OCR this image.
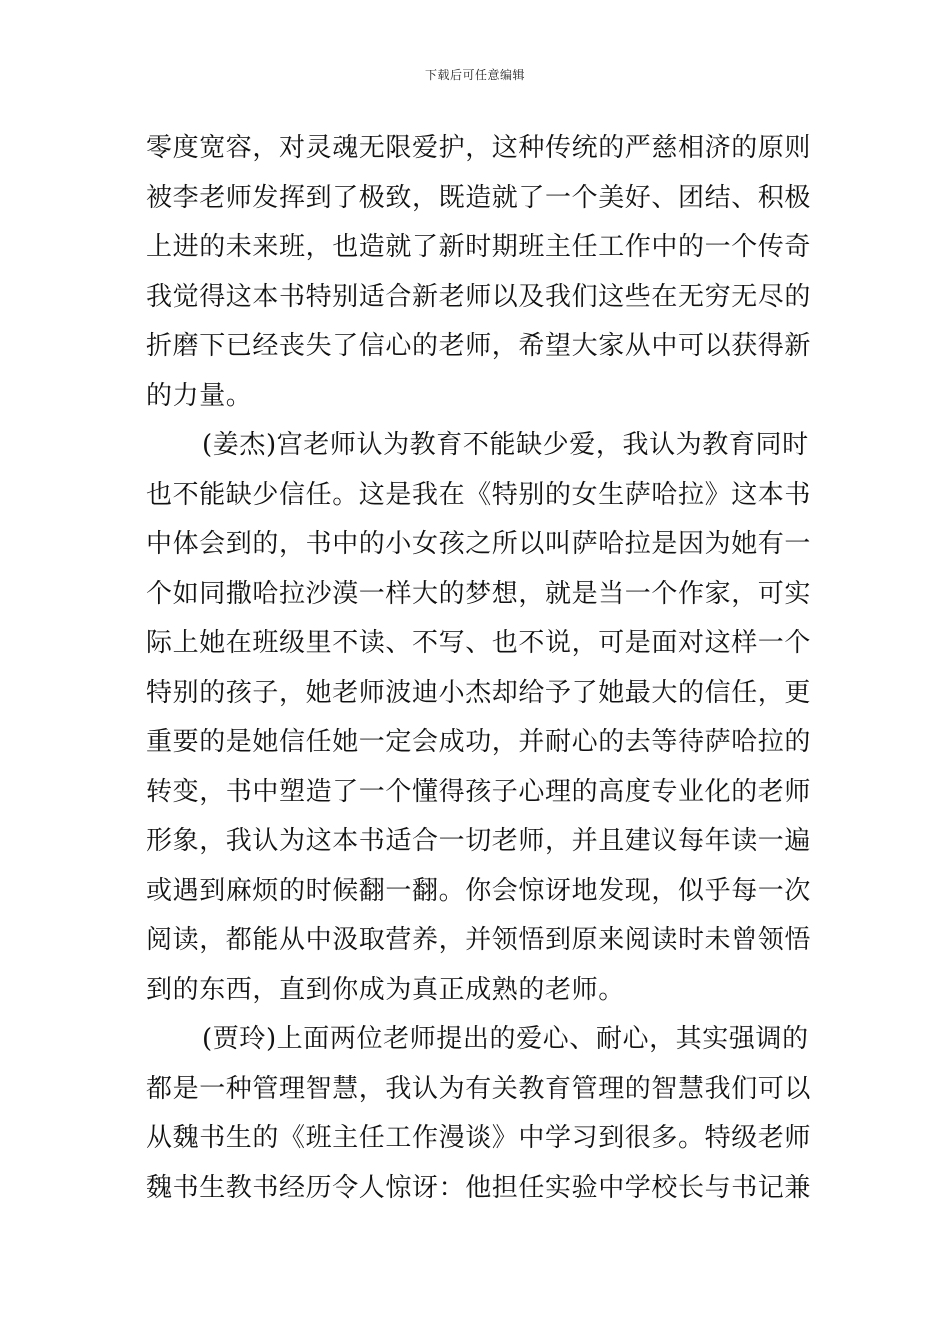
下载后可任意编辑
零度宽容，对灵魂无限爱护，这种传统的严慈相济的原则
被李老师发挥到了极致，既造就了一个美好、团结、积极
上进的未来班，也造就了新时期班主任工作中的一个传奇
我觉得这本书特别适合新老师以及我们这些在无穷无尽的
折磨下已经丧失了信心的老师，希望大家从中可以获得新
的力量。
(姜杰)宫老师认为教育不能缺少爱，我认为教育同时
也不能缺少信任。这是我在《特别的女生萨哈拉》这本书
中体会到的，书中的小女孩之所以叫萨哈拉是因为她有一
个如同撒哈拉沙漠一样大的梦想，就是当一个作家，可实
际上她在班级里不读、不写、也不说，可是面对这样一个
特别的孩子，她老师波迪小杰却给予了她最大的信任，更
重要的是她信任她一定会成功，并耐心的去等待萨哈拉的
转变，书中塑造了一个懂得孩子心理的高度专业化的老师
形象，我认为这本书适合一切老师，并且建议每年读一遍
或遇到麻烦的时候翻一翻。你会惊讶地发现，似乎每一次
阅读，都能从中汲取营养，并领悟到原来阅读时未曾领悟
到的东西，直到你成为真正成熟的老师。
(贾玲)上面两位老师提出的爱心、耐心，其实强调的
都是一种管理智慧，我认为有关教育管理的智慧我们可以
从魏书生的《班主任工作漫谈》中学习到很多。特级老师
魏书生教书经历令人惊讶：他担任实验中学校长与书记兼
